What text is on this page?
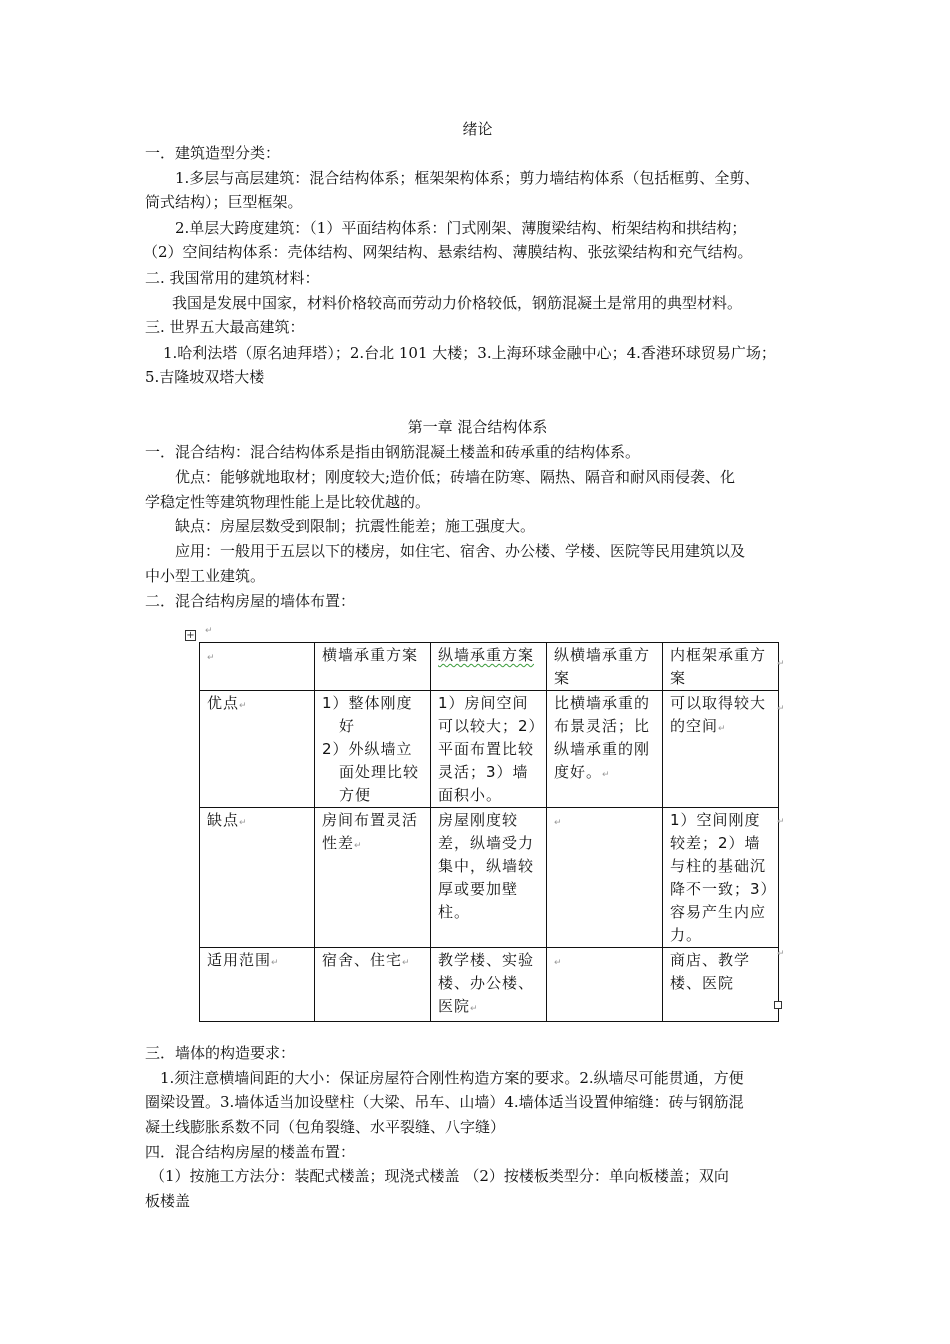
绪论
一．建筑造型分类：
1.多层与高层建筑：混合结构体系；框架架构体系；剪力墙结构体系（包括框剪、全剪、
筒式结构）；巨型框架。
2.单层大跨度建筑：（1）平面结构体系：门式刚架、薄腹梁结构、桁架结构和拱结构；
（2）空间结构体系：壳体结构、网架结构、悬索结构、薄膜结构、张弦梁结构和充气结构。
二. 我国常用的建筑材料：
我国是发展中国家，材料价格较高而劳动力价格较低，钢筋混凝土是常用的典型材料。
三. 世界五大最高建筑：
1.哈利法塔（原名迪拜塔）；2.台北 101 大楼；3.上海环球金融中心；4.香港环球贸易广场；
5.吉隆坡双塔大楼
第一章 混合结构体系
一．混合结构：混合结构体系是指由钢筋混凝土楼盖和砖承重的结构体系。
优点：能够就地取材；刚度较大;造价低；砖墙在防寒、隔热、隔音和耐风雨侵袭、化
学稳定性等建筑物理性能上是比较优越的。
缺点：房屋层数受到限制；抗震性能差；施工强度大。
应用：一般用于五层以下的楼房，如住宅、宿舍、办公楼、学楼、医院等民用建筑以及
中小型工业建筑。
二．混合结构房屋的墙体布置：
↵
+
↵	横墙承重方案	纵墙承重方案	纵横墙承重方案	内框架承重方案
优点↵	1）整体刚度好
2）外纵墙立面处理比较方便	1）房间空间可以较大；2）平面布置比较灵活；3）墙面积小。	比横墙承重的布景灵活；比纵墙承重的刚度好。↵	可以取得较大的空间↵
缺点↵	房间布置灵活性差↵	房屋刚度较差，纵墙受力集中，纵墙较厚或要加壁柱。	↵	1）空间刚度较差；2）墙与柱的基础沉降不一致；3）容易产生内应力。
适用范围↵	宿舍、住宅↵	教学楼、实验楼、办公楼、医院↵	↵	商店、教学楼、医院
↵
↵
↵
↵
三．墙体的构造要求：
1.须注意横墙间距的大小：保证房屋符合刚性构造方案的要求。2.纵墙尽可能贯通，方便
圈梁设置。3.墙体适当加设壁柱（大梁、吊车、山墙）4.墙体适当设置伸缩缝：砖与钢筋混
凝土线膨胀系数不同（包角裂缝、水平裂缝、八字缝）
四．混合结构房屋的楼盖布置：
（1）按施工方法分：装配式楼盖；现浇式楼盖 （2）按楼板类型分：单向板楼盖；双向
板楼盖
